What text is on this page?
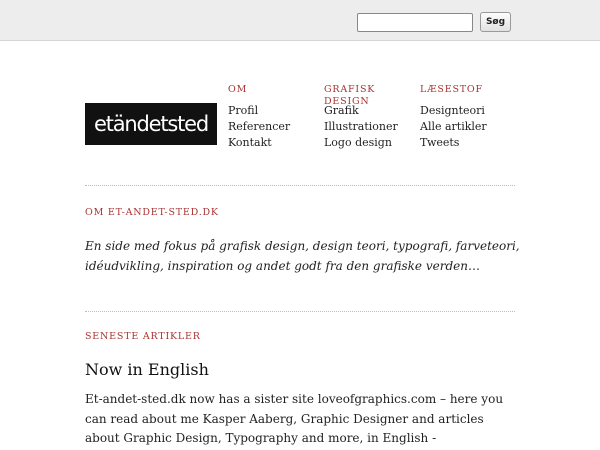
Søg
etändetsted
OM
Profil
Referencer
Kontakt
GRAFISK DESIGN
Grafik
Illustrationer
Logo design
LÆSESTOF
Designteori
Alle artikler
Tweets
OM ET-ANDET-STED.DK

En side med fokus på grafisk design, design teori, typografi, farveteori, idéudvikling, inspiration og andet godt fra den grafiske verden…

SENESTE ARTIKLER
Now in English

Et-andet-sted.dk now has a sister site loveofgraphics.com – here you can read about me Kasper Aaberg, Graphic Designer and articles about Graphic Design, Typography and more, in English -
